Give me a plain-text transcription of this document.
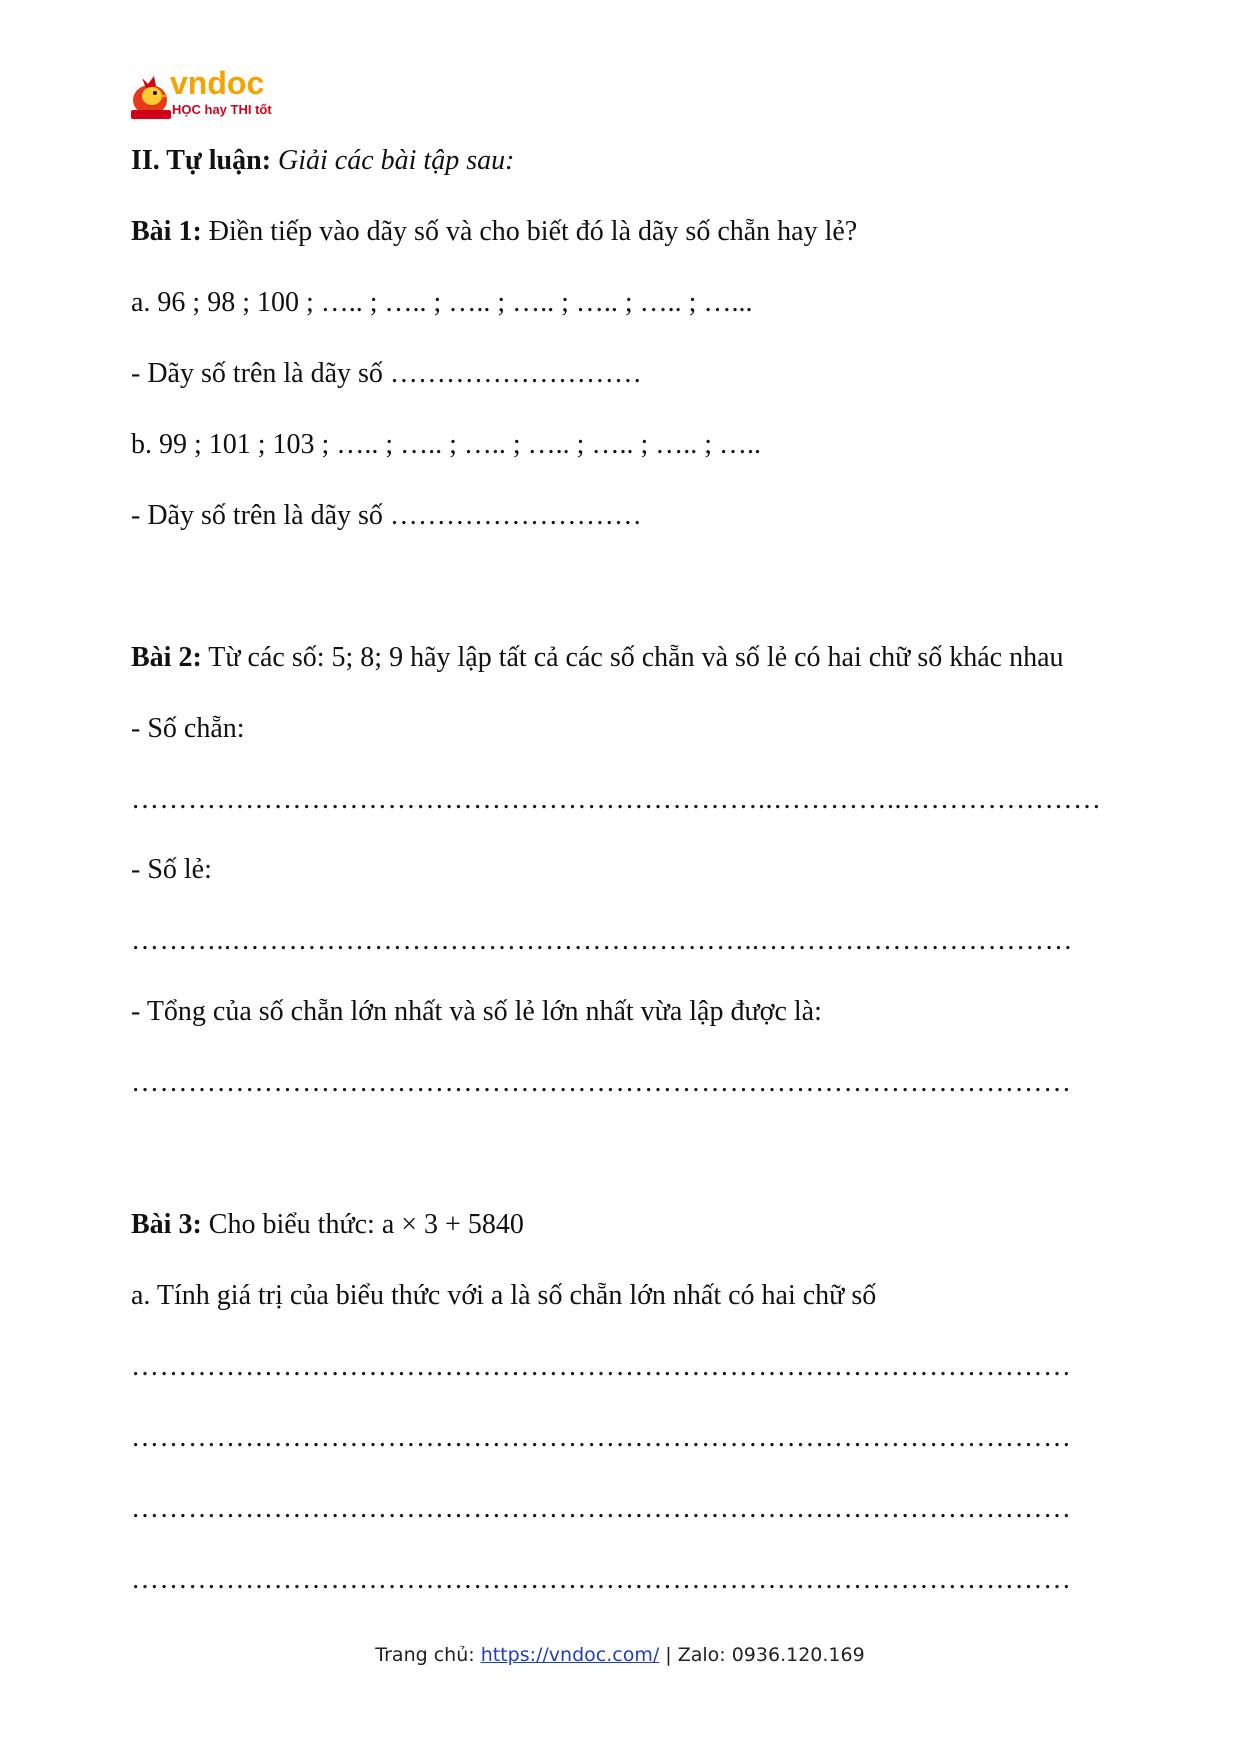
vndoc
HỌC hay THI tốt
II. Tự luận: Giải các bài tập sau:
Bài 1: Điền tiếp vào dãy số và cho biết đó là dãy số chẵn hay lẻ?
a. 96 ; 98 ; 100 ; ….. ; ….. ; ….. ; ….. ; ….. ; ….. ; …...
- Dãy số trên là dãy số ………………………
b. 99 ; 101 ; 103 ; ….. ; ….. ; ….. ; ….. ; ….. ; ….. ; …..
- Dãy số trên là dãy số ………………………
Bài 2: Từ các số: 5; 8; 9 hãy lập tất cả các số chẵn và số lẻ có hai chữ số khác nhau
- Số chẵn:
…………………………………………………………..…………..…………………
- Số lẻ:
………..………………………………………………..……………………………
- Tổng của số chẵn lớn nhất và số lẻ lớn nhất vừa lập được là:
………………………………………………………………………………………
Bài 3: Cho biểu thức: a × 3 + 5840
a. Tính giá trị của biểu thức với a là số chẵn lớn nhất có hai chữ số
………………………………………………………………………………………
………………………………………………………………………………………
………………………………………………………………………………………
………………………………………………………………………………………
Trang chủ: https://vndoc.com/ | Zalo: 0936.120.169
